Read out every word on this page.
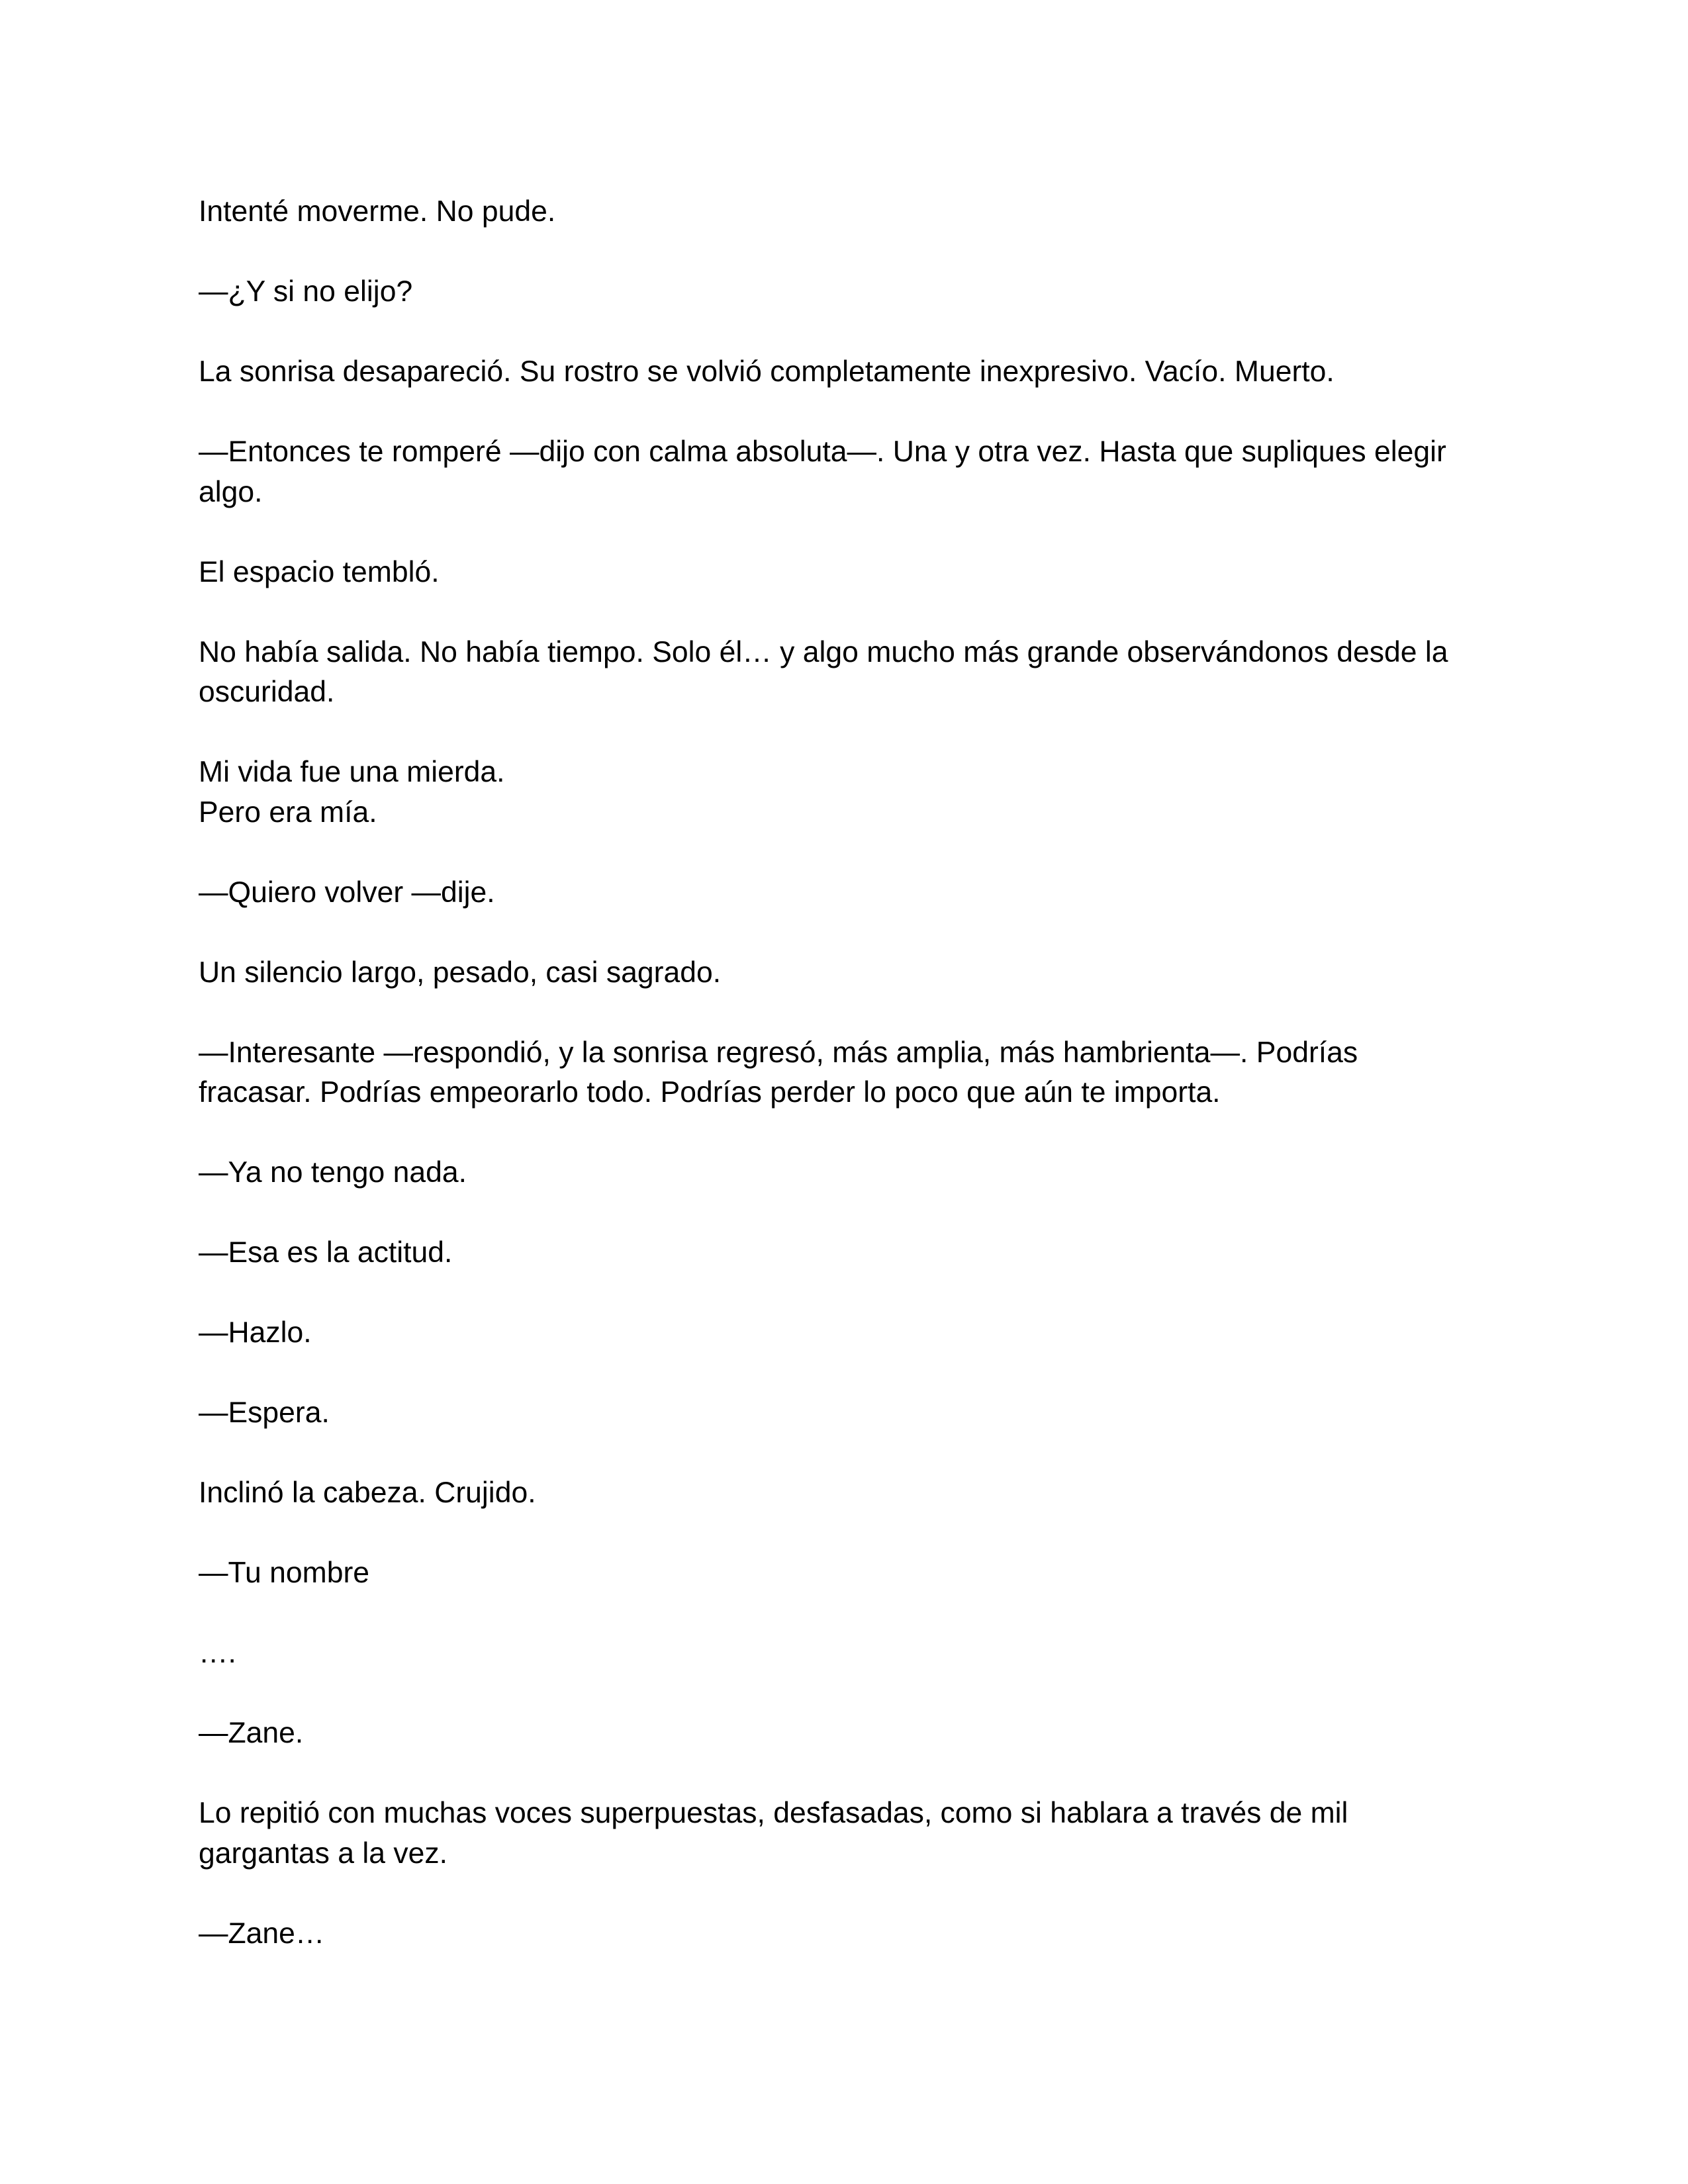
Intenté moverme. No pude.

—¿Y si no elijo?

La sonrisa desapareció. Su rostro se volvió completamente inexpresivo. Vacío. Muerto.

—Entonces te romperé —dijo con calma absoluta—. Una y otra vez. Hasta que supliques elegir
algo.

El espacio tembló.

No había salida. No había tiempo. Solo él… y algo mucho más grande observándonos desde la
oscuridad.

Mi vida fue una mierda.
Pero era mía.

—Quiero volver —dije.

Un silencio largo, pesado, casi sagrado.

—Interesante —respondió, y la sonrisa regresó, más amplia, más hambrienta—. Podrías
fracasar. Podrías empeorarlo todo. Podrías perder lo poco que aún te importa.

—Ya no tengo nada.

—Esa es la actitud.

—Hazlo.

—Espera.

Inclinó la cabeza. Crujido.

—Tu nombre

….

—Zane.

Lo repitió con muchas voces superpuestas, desfasadas, como si hablara a través de mil
gargantas a la vez.

—Zane…
